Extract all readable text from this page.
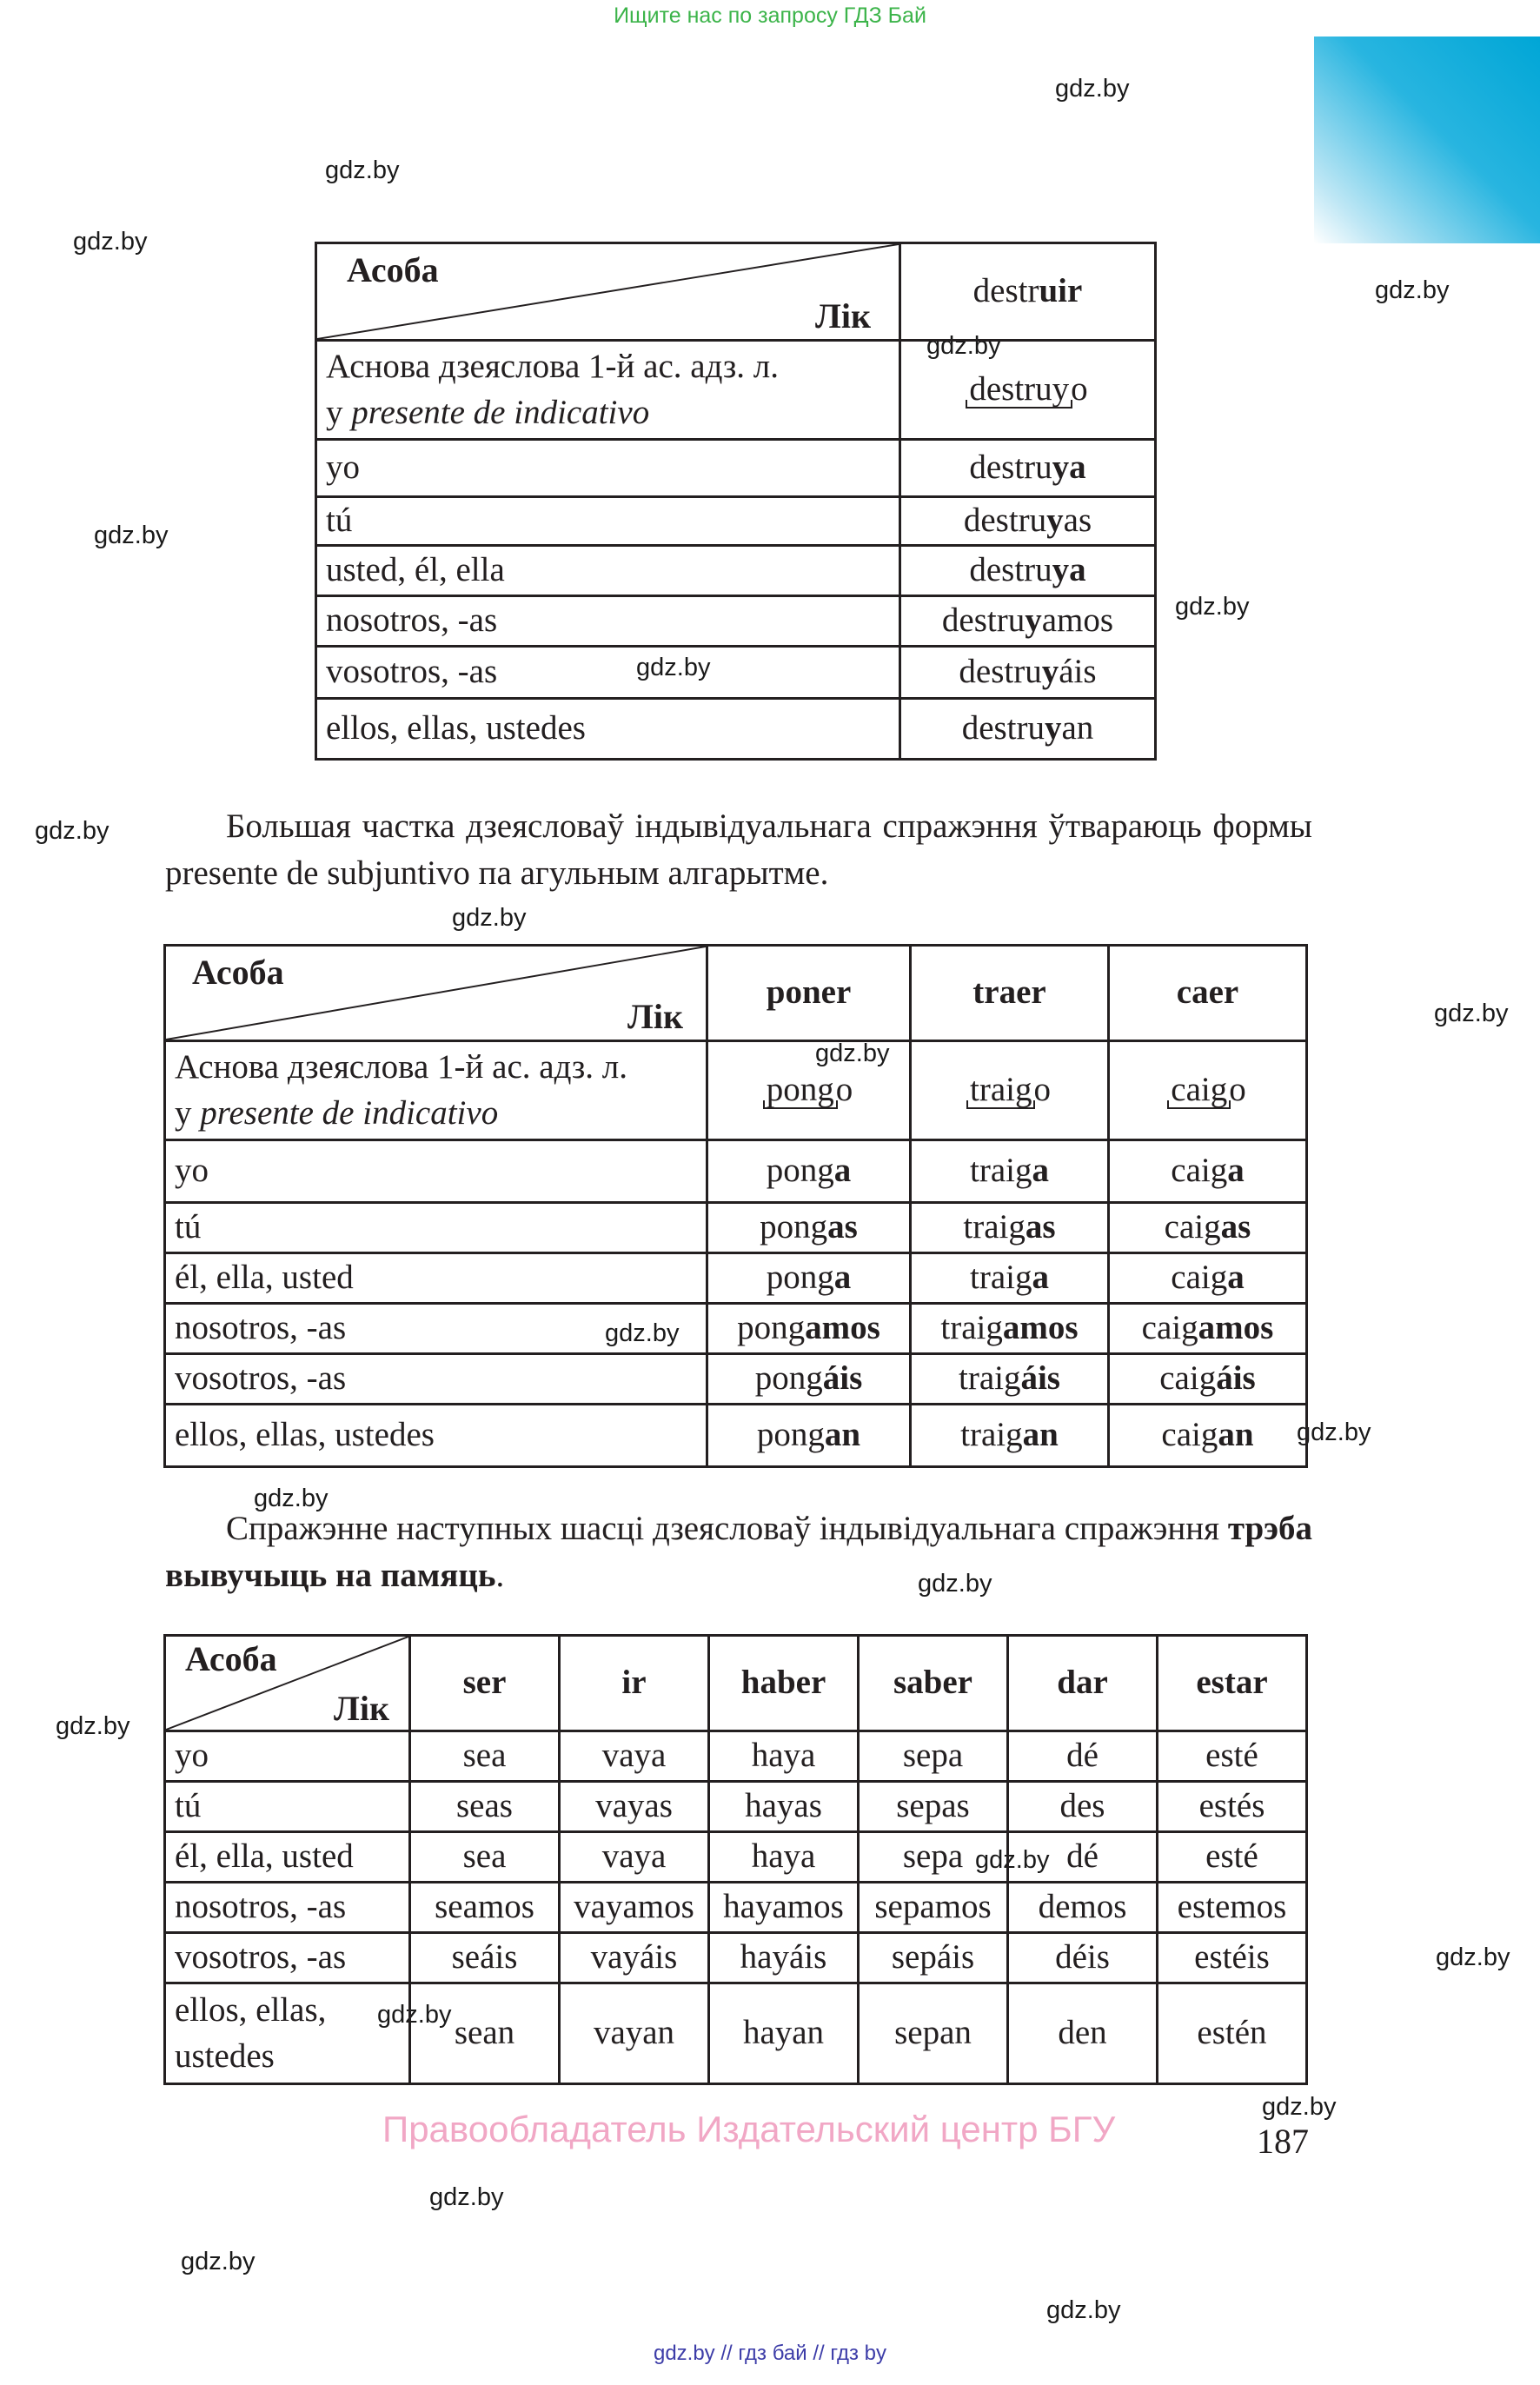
Ищите нас по запросу ГДЗ Бай
gdz.by
gdz.by
gdz.by
gdz.by
gdz.by
gdz.by
gdz.by
gdz.by
gdz.by
gdz.by
gdz.by
gdz.by
gdz.by
gdz.by
gdz.by
gdz.by
gdz.by
gdz.by
gdz.by
gdz.by
gdz.by
gdz.by
gdz.by
gdz.by
Асоба
Лік	destruir

Аснова дзеяслова 1-й ас. адз. л.
у presente de indicativo	destruyo
yo	destruya
tú	destruyas
usted, él, ella	destruya
nosotros, -as	destruyamos
vosotros, -as	destruyáis
ellos, ellas, ustedes	destruyan
Большая частка дзеясловаў індывідуальнага спражэння ўтвараюць формы presente de subjuntivo па агульным алгарытме.
Асоба
Лік	poner	traer	caer

Аснова дзеяслова 1-й ас. адз. л.
у presente de indicativo	pongo	traigo	caigo
yo	ponga	traiga	caiga
tú	pongas	traigas	caigas
él, ella, usted	ponga	traiga	caiga
nosotros, -as	pongamos	traigamos	caigamos
vosotros, -as	pongáis	traigáis	caigáis
ellos, ellas, ustedes	pongan	traigan	caigan
Спражэнне наступных шасці дзеясловаў індывідуальнага спражэння трэба вывучыць на памяць.
Асоба
Лік	ser	ir	haber	saber	dar	estar
yo	sea	vaya	haya	sepa	dé	esté
tú	seas	vayas	hayas	sepas	des	estés
él, ella, usted	sea	vaya	haya	sepa	dé	esté
nosotros, -as	seamos	vayamos	hayamos	sepamos	demos	estemos
vosotros, -as	seáis	vayáis	hayáis	sepáis	déis	estéis

ellos, ellas,
ustedes	sean	vayan	hayan	sepan	den	estén
Правообладатель Издательский центр БГУ	187
gdz.by // гдз бай // гдз by
